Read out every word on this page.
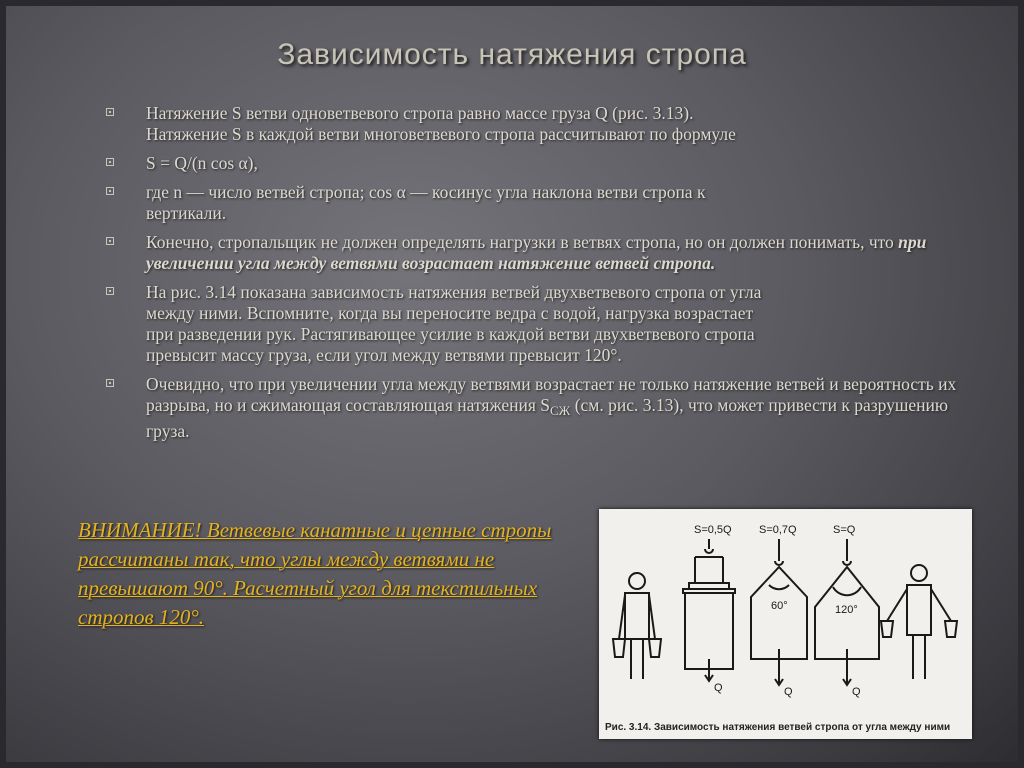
Зависимость натяжения стропа
Натяжение S ветви одноветвевого стропа равно массе груза Q (рис. 3.13).
Натяжение S в каждой ветви многоветвевого стропа рассчитывают по формуле
S = Q/(n cos α),
где n — число ветвей стропа; cos α — косинус угла наклона ветви стропа к
вертикали.
Конечно, стропальщик не должен определять нагрузки в ветвях стропа, но он должен понимать, что при увеличении угла между ветвями возрастает натяжение ветвей стропа.
На рис. 3.14 показана зависимость натяжения ветвей двухветвевого стропа от угла
между ними. Вспомните, когда вы переносите ведра с водой, нагрузка возрастает
при разведении рук. Растягивающее усилие в каждой ветви двухветвевого стропа
превысит массу груза, если угол между ветвями превысит 120°.
Очевидно, что при увеличении угла между ветвями возрастает не только натяжение ветвей и вероятность их разрыва, но и сжимающая составляющая натяжения $S_{СЖ}$ (см. рис. 3.13), что может привести к разрушению груза.
ВНИМАНИЕ! Ветвевые канатные и цепные стропы рассчитаны так, что углы между ветвями не превышают 90°. Расчетный угол для текстильных стропов 120°.
S=0,5Q S=0,7Q	S=Q
60°	120°
Q	Q	Q
Рис. 3.14. Зависимость натяжения ветвей стропа от угла между ними
